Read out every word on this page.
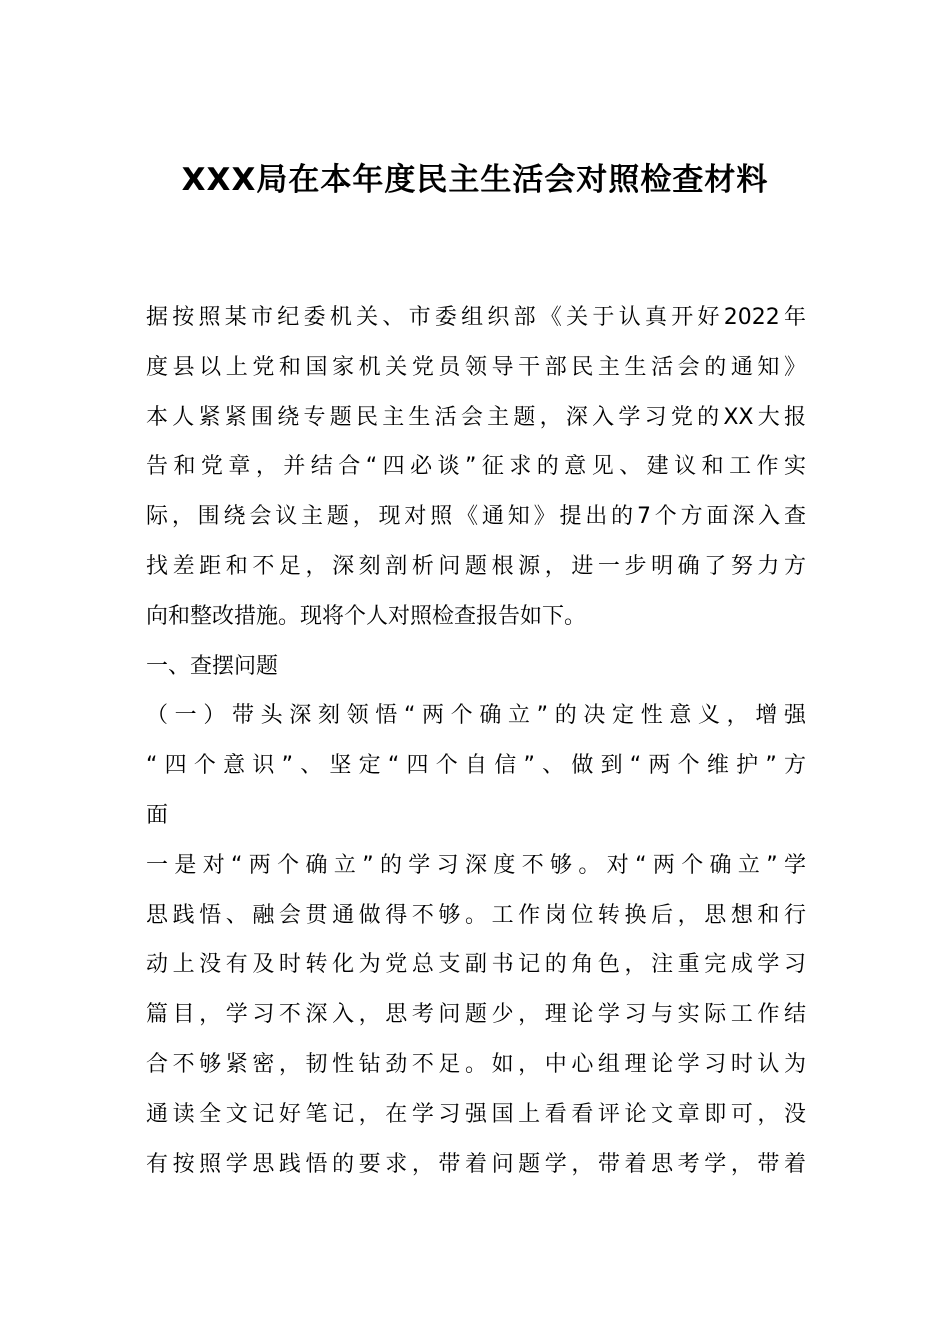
XXX局在本年度民主生活会对照检查材料
据按照某市纪委机关、市委组织部《关于认真开好2022年
度县以上党和国家机关党员领导干部民主生活会的通知》
本人紧紧围绕专题民主生活会主题，深入学习党的XX大报
告和党章，并结合“四必谈”征求的意见、建议和工作实
际，围绕会议主题，现对照《通知》提出的7个方面深入查
找差距和不足，深刻剖析问题根源，进一步明确了努力方
向和整改措施。现将个人对照检查报告如下。
一、查摆问题
（一）带头深刻领悟“两个确立”的决定性意义，增强
“四个意识”、坚定“四个自信”、做到“两个维护”方
面
一是对“两个确立”的学习深度不够。对“两个确立”学
思践悟、融会贯通做得不够。工作岗位转换后，思想和行
动上没有及时转化为党总支副书记的角色，注重完成学习
篇目，学习不深入，思考问题少，理论学习与实际工作结
合不够紧密，韧性钻劲不足。如，中心组理论学习时认为
通读全文记好笔记，在学习强国上看看评论文章即可，没
有按照学思践悟的要求，带着问题学，带着思考学，带着
